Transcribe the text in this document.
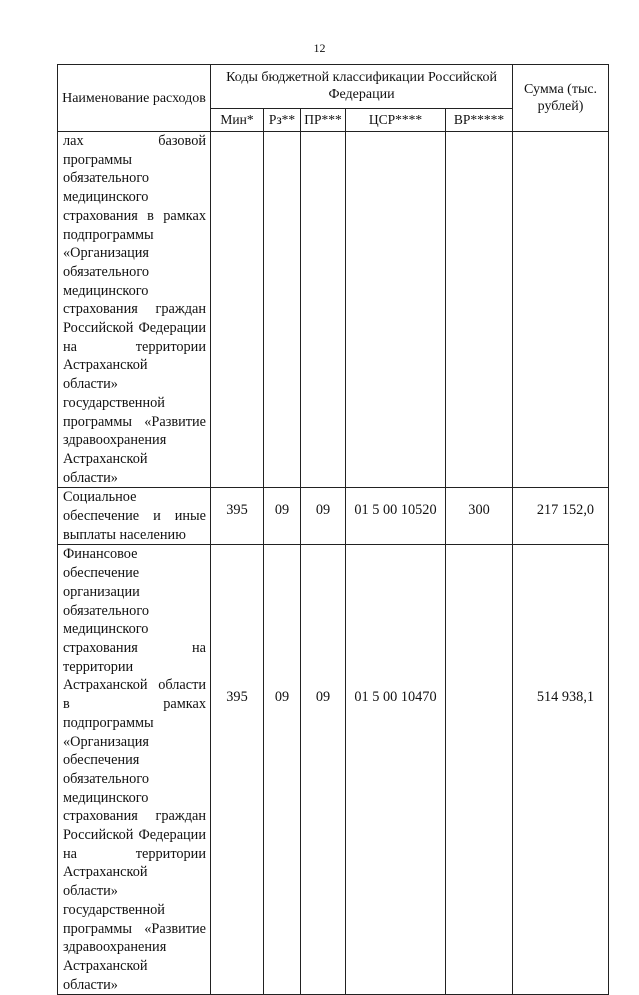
12
Наименование расходов	Коды бюджетной классификации Российской Федерации					Сумма (тыс. рублей)
	Мин*	Рз**	ПР***	ЦСР****	ВР*****	
лах базовой программы обязательного медицинского страхования в рамках подпрограммы «Организация обязательного медицинского страхования граждан Российской Федерации на территории Астраханской области» государственной программы «Развитие здравоохранения Астраханской области»						
Социальное обеспечение и иные выплаты населению	395	09	09	01 5 00 10520	300	217 152,0
Финансовое обеспечение организации обязательного медицинского страхования на территории Астраханской области в рамках подпрограммы «Организация обеспечения обязательного медицинского страхования граждан Российской Федерации на территории Астраханской области» государственной программы «Развитие здравоохранения Астраханской области»	395	09	09	01 5 00 10470		514 938,1
